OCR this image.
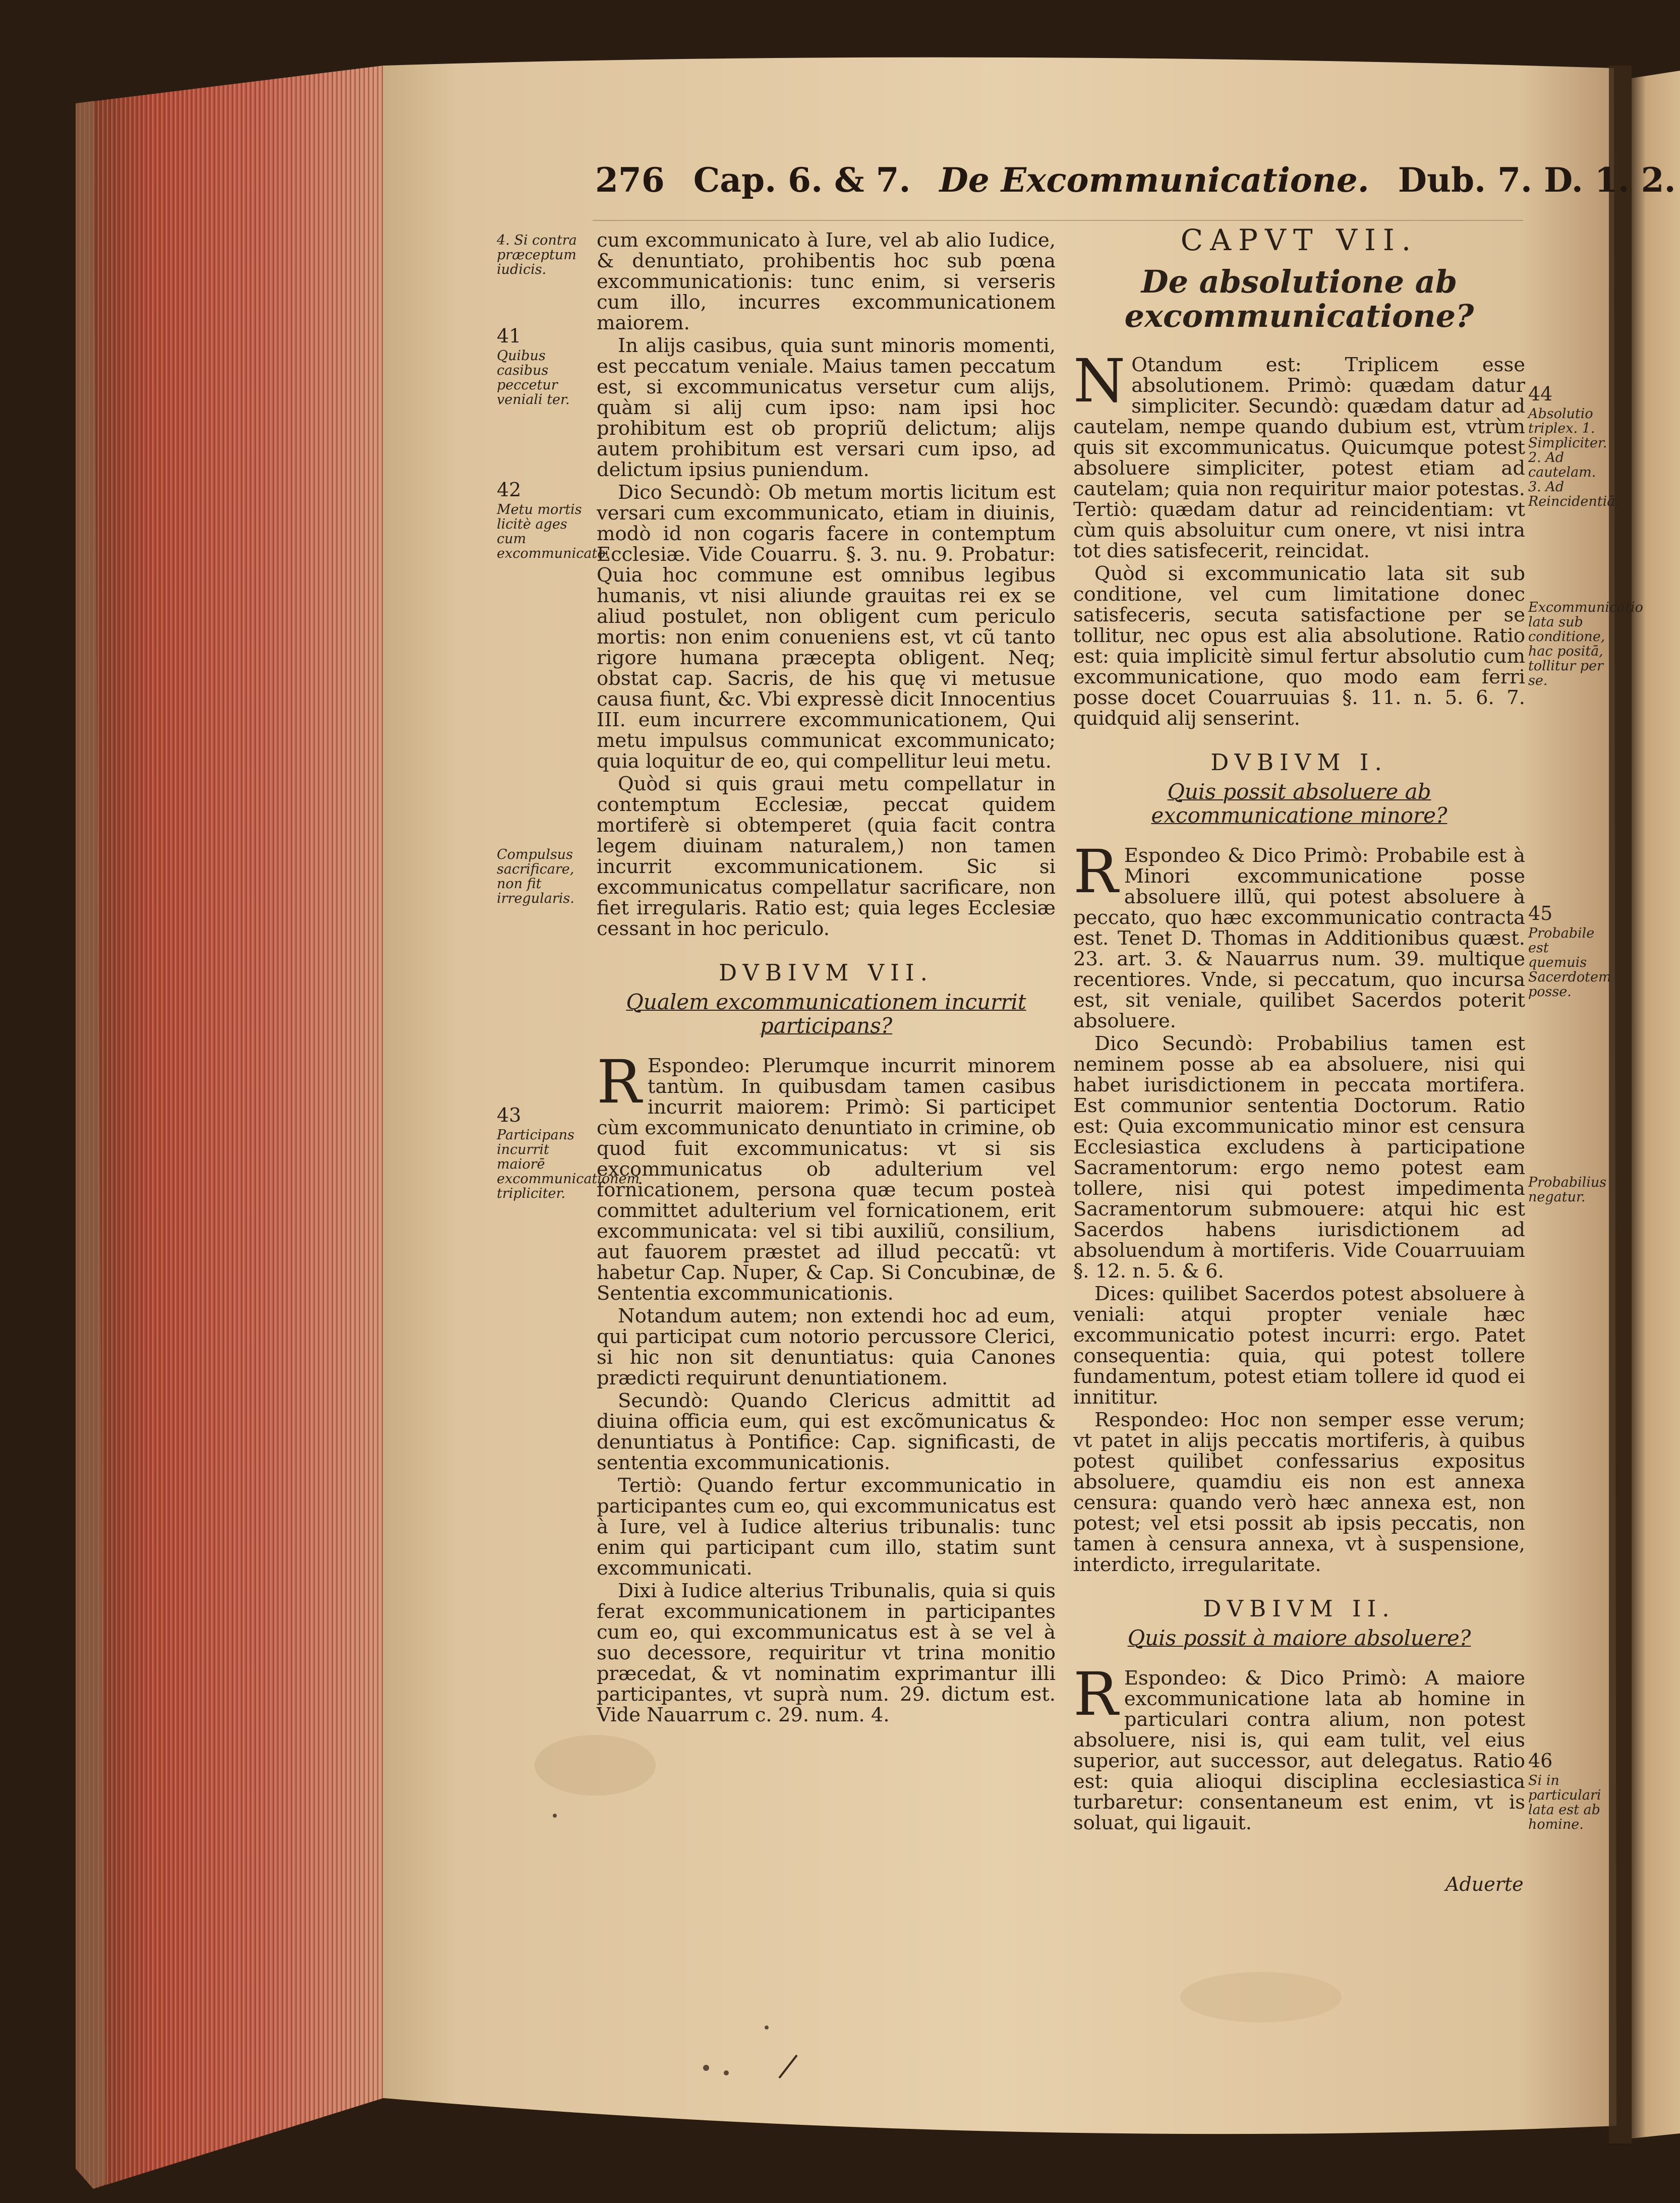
276 Cap. 6. & 7. De Excommunicatione. Dub. 7. D. 1. 2.

cum excommunicato à Iure, vel ab alio Iudice, & denuntiato, prohibentis hoc sub pœna excommunicationis: tunc enim, si verseris cum illo, incurres excommunicationem maiorem.

In alijs casibus, quia sunt minoris momenti, est peccatum veniale. Maius tamen peccatum est, si excommunicatus versetur cum alijs, quàm si alij cum ipso: nam ipsi hoc prohibitum est ob propriũ delictum; alijs autem prohibitum est versari cum ipso, ad delictum ipsius puniendum.

Dico Secundò: Ob metum mortis licitum est versari cum excommunicato, etiam in diuinis, modò id non cogaris facere in contemptum Ecclesiæ. Vide Couarru. §. 3. nu. 9. Probatur: Quia hoc commune est omnibus legibus humanis, vt nisi aliunde grauitas rei ex se aliud postulet, non obligent cum periculo mortis: non enim conueniens est, vt cũ tanto rigore humana præcepta obligent. Neq; obstat cap. Sacris, de his quę vi metusue causa fiunt, &c. Vbi expressè dicit Innocentius III. eum incurrere excommunicationem, Qui metu impulsus communicat excommunicato; quia loquitur de eo, qui compellitur leui metu.

Quòd si quis graui metu compellatur in contemptum Ecclesiæ, peccat quidem mortiferè si obtemperet (quia facit contra legem diuinam naturalem,) non tamen incurrit excommunicationem. Sic si excommunicatus compellatur sacrificare, non fiet irregularis. Ratio est; quia leges Ecclesiæ cessant in hoc periculo.

DVBIVM VII.
Qualem excommunicationem incurrit participans?

R Espondeo: Plerumque incurrit minorem tantùm. In quibusdam tamen casibus incurrit maiorem: Primò: Si participet cùm excommunicato denuntiato in crimine, ob quod fuit excommunicatus: vt si sis excommunicatus ob adulterium vel fornicationem, persona quæ tecum posteà committet adulterium vel fornicationem, erit excommunicata: vel si tibi auxiliũ, consilium, aut fauorem præstet ad illud peccatũ: vt habetur Cap. Nuper, & Cap. Si Concubinæ, de Sententia excommunicationis.

Notandum autem; non extendi hoc ad eum, qui participat cum notorio percussore Clerici, si hic non sit denuntiatus: quia Canones prædicti requirunt denuntiationem.

Secundò: Quando Clericus admittit ad diuina officia eum, qui est excõmunicatus & denuntiatus à Pontifice: Cap. significasti, de sententia excommunicationis.

Tertiò: Quando fertur excommunicatio in participantes cum eo, qui excommunicatus est à Iure, vel à Iudice alterius tribunalis: tunc enim qui participant cum illo, statim sunt excommunicati.

Dixi à Iudice alterius Tribunalis, quia si quis ferat excommunicationem in participantes cum eo, qui excommunicatus est à se vel à suo decessore, requiritur vt trina monitio præcedat, & vt nominatim exprimantur illi participantes, vt suprà num. 29. dictum est. Vide Nauarrum c. 29. num. 4.

CAPVT VII.
De absolutione ab excommunicatione?

N Otandum est: Triplicem esse absolutionem. Primò: quædam datur simpliciter. Secundò: quædam datur ad cautelam, nempe quando dubium est, vtrùm quis sit excommunicatus. Quicumque potest absoluere simpliciter, potest etiam ad cautelam; quia non requiritur maior potestas. Tertiò: quædam datur ad reincidentiam: vt cùm quis absoluitur cum onere, vt nisi intra tot dies satisfecerit, reincidat.

Quòd si excommunicatio lata sit sub conditione, vel cum limitatione donec satisfeceris, secuta satisfactione per se tollitur, nec opus est alia absolutione. Ratio est: quia implicitè simul fertur absolutio cum excommunicatione, quo modo eam ferri posse docet Couarruuias §. 11. n. 5. 6. 7. quidquid alij senserint.

DVBIVM I.
Quis possit absoluere ab excommunicatione minore?

R Espondeo & Dico Primò: Probabile est à Minori excommunicatione posse absoluere illũ, qui potest absoluere à peccato, quo hæc excommunicatio contracta est. Tenet D. Thomas in Additionibus quæst. 23. art. 3. & Nauarrus num. 39. multique recentiores. Vnde, si peccatum, quo incursa est, sit veniale, quilibet Sacerdos poterit absoluere.

Dico Secundò: Probabilius tamen est neminem posse ab ea absoluere, nisi qui habet iurisdictionem in peccata mortifera. Est communior sententia Doctorum. Ratio est: Quia excommunicatio minor est censura Ecclesiastica excludens à participatione Sacramentorum: ergo nemo potest eam tollere, nisi qui potest impedimenta Sacramentorum submouere: atqui hic est Sacerdos habens iurisdictionem ad absoluendum à mortiferis. Vide Couarruuiam §. 12. n. 5. & 6.

Dices: quilibet Sacerdos potest absoluere à veniali: atqui propter veniale hæc excommunicatio potest incurri: ergo. Patet consequentia: quia, qui potest tollere fundamentum, potest etiam tollere id quod ei innititur.

Respondeo: Hoc non semper esse verum; vt patet in alijs peccatis mortiferis, à quibus potest quilibet confessarius expositus absoluere, quamdiu eis non est annexa censura: quando verò hæc annexa est, non potest; vel etsi possit ab ipsis peccatis, non tamen à censura annexa, vt à suspensione, interdicto, irregularitate.

DVBIVM II.
Quis possit à maiore absoluere?

R Espondeo: & Dico Primò: A maiore excommunicatione lata ab homine in particulari contra alium, non potest absoluere, nisi is, qui eam tulit, vel eius superior, aut successor, aut delegatus. Ratio est: quia alioqui disciplina ecclesiastica turbaretur: consentaneum est enim, vt is soluat, qui ligauit.

Aduerte
4. Si contra præceptum iudicis.
41
Quibus casibus peccetur veniali ter.
42
Metu mortis licitè ages cum excommunicato.
Compulsus sacrificare, non fit irregularis.
43
Participans incurrit maiorē excommunicationem tripliciter.
44
Absolutio triplex. 1. Simpliciter. 2. Ad cautelam. 3. Ad Reincidentiā.
Excommunicatio lata sub conditione, hac positā, tollitur per se.
45
Probabile est quemuis Sacerdotem posse.
Probabilius negatur.
46
Si in particulari lata est ab homine.
